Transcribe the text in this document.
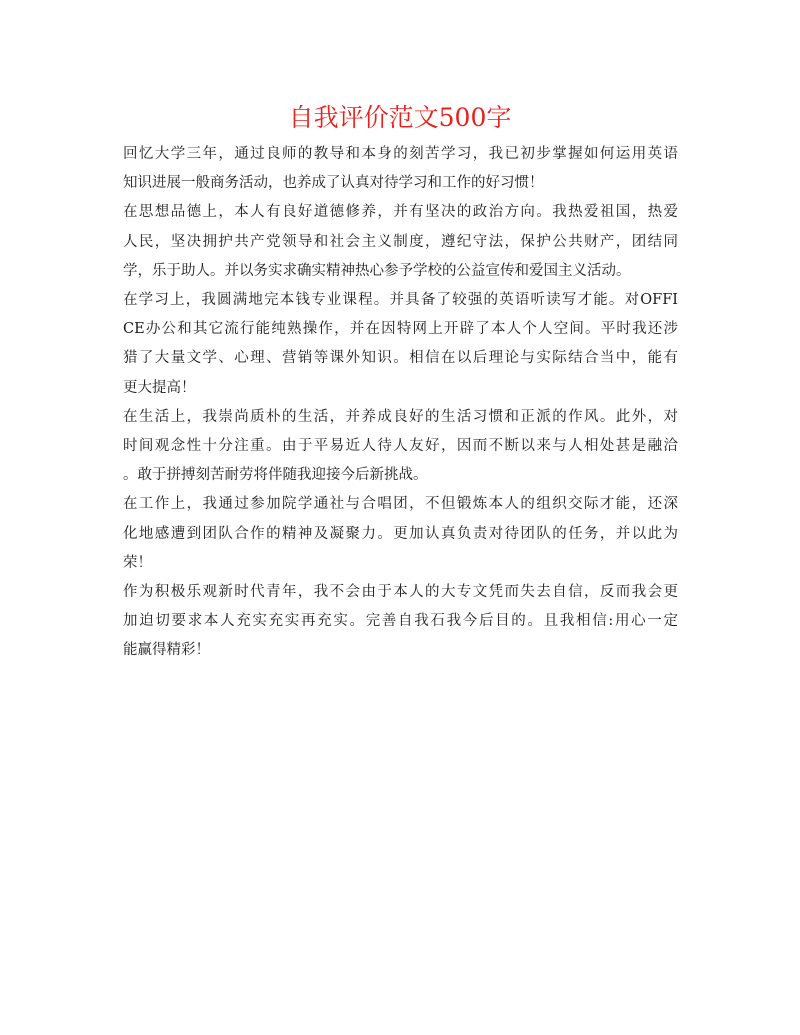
自我评价范文500字
回忆大学三年，通过良师的教导和本身的刻苦学习，我已初步掌握如何运用英语
知识进展一般商务活动，也养成了认真对待学习和工作的好习惯！
在思想品德上，本人有良好道德修养，并有坚决的政治方向。我热爱祖国，热爱
人民，坚决拥护共产党领导和社会主义制度，遵纪守法，保护公共财产，团结同
学，乐于助人。并以务实求确实精神热心参予学校的公益宣传和爱国主义活动。
在学习上，我圆满地完本钱专业课程。并具备了较强的英语听读写才能。对OFFI
CE办公和其它流行能纯熟操作，并在因特网上开辟了本人个人空间。平时我还涉
猎了大量文学、心理、营销等课外知识。相信在以后理论与实际结合当中，能有
更大提高！
在生活上，我崇尚质朴的生活，并养成良好的生活习惯和正派的作风。此外，对
时间观念性十分注重。由于平易近人待人友好，因而不断以来与人相处甚是融洽
。敢于拼搏刻苦耐劳将伴随我迎接今后新挑战。
在工作上，我通过参加院学通社与合唱团，不但锻炼本人的组织交际才能，还深
化地感遭到团队合作的精神及凝聚力。更加认真负责对待团队的任务，并以此为
荣！
作为积极乐观新时代青年，我不会由于本人的大专文凭而失去自信，反而我会更
加迫切要求本人充实充实再充实。完善自我石我今后目的。且我相信:用心一定
能赢得精彩！
